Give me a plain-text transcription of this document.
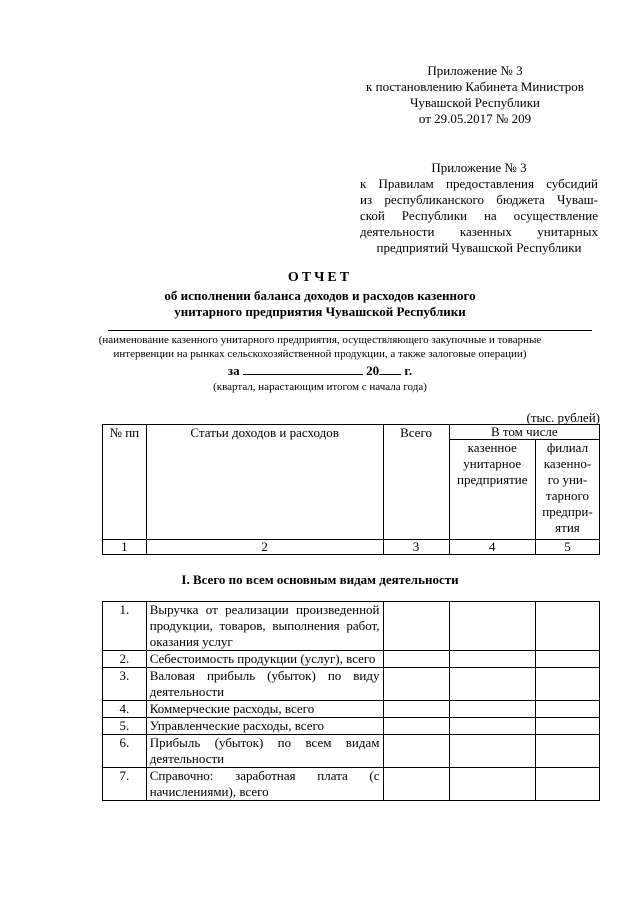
Приложение № 3
к постановлению Кабинета Министров
Чувашской Республики
от 29.05.2017 № 209
Приложение № 3
к Правилам предоставления субсидий
из республиканского бюджета Чуваш-
ской Республики на осуществление
деятельности казенных унитарных
предприятий Чувашской Республики
ОТЧЕТ
об исполнении баланса доходов и расходов казенного
унитарного предприятия Чувашской Республики
(наименование казенного унитарного предприятия, осуществляющего закупочные и товарные
интервенции на рынках сельскохозяйственной продукции, а также залоговые операции)
за	20 г.
(квартал, нарастающим итогом с начала года)
(тыс. рублей)
№ пп	Статьи доходов и расходов	Всего	В том числе	
			казенное унитарное предприятие	филиал казенно-го уни-тарного предпри-ятия
1	2	3	4	5
I. Всего по всем основным видам деятельности
1.	Выручка от реализации произведенной продукции, товаров, выполнения работ, оказания услуг			
2.	Себестоимость продукции (услуг), всего			
3.	Валовая прибыль (убыток) по виду деятельности			
4.	Коммерческие расходы, всего			
5.	Управленческие расходы, всего			
6.	Прибыль (убыток) по всем видам деятельности			
7.	Справочно: заработная плата (с начислениями), всего			
